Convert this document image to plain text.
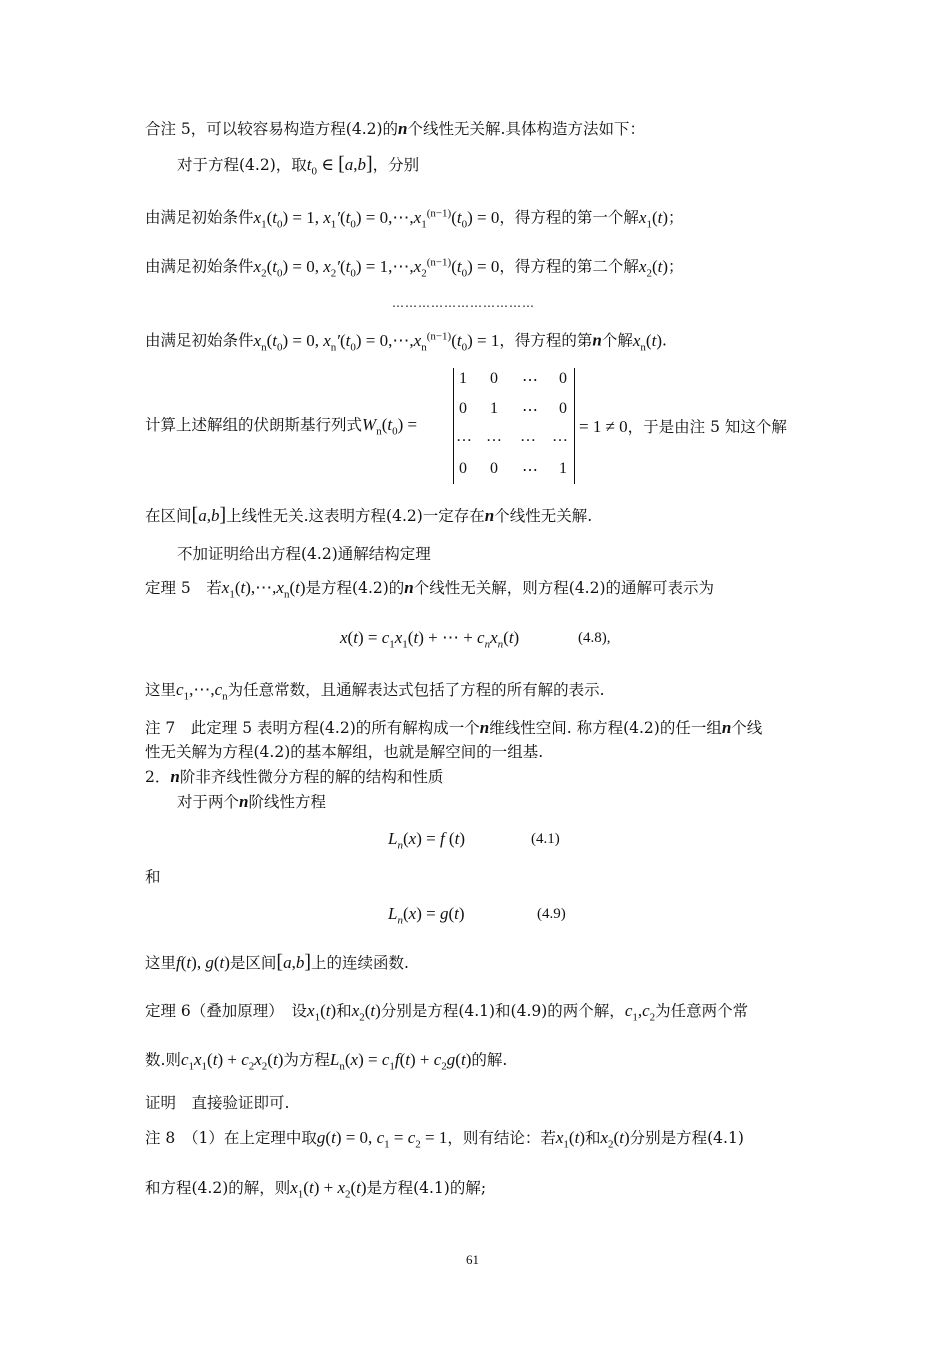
合注 5，可以较容易构造方程(4.2)的n个线性无关解.具体构造方法如下：
对于方程(4.2)，取$t_0$ ∈ [a,b]，分别
由满足初始条件$x_1(t_0) = 1$, $x_1'(t_0)$ = $0,\cdots,x_1^{(n-1)}(t_0) = 0$，得方程的第一个解$x_1(t)$；
由满足初始条件$x_2(t_0) = 0$, $x_2'(t_0)$ = $1,\cdots,x_2^{(n-1)}(t_0) = 0$，得方程的第二个解$x_2(t)$；
……………………………
由满足初始条件$x_n(t_0) = 0$, $x_n'(t_0)$ = $0,\cdots,x_n^{(n-1)}(t_0) = 1$，得方程的第n个解$x_n(t)$.
计算上述解组的伏朗斯基行列式$W_n(t_0)$ =
1 0 ⋯ 0
0 1 ⋯ 0
… … … …
0 0 ⋯ 1
= 1 ≠ 0，于是由注 5 知这个解
在区间[a,b]上线性无关.这表明方程(4.2)一定存在n个线性无关解.
不加证明给出方程(4.2)通解结构定理
定理 5　若$x_1(t),\cdots,x_n(t)$是方程(4.2)的n个线性无关解，则方程(4.2)的通解可表示为
$x(t) = c_1x_1(t)$ + ⋯ + $c_nx_n(t)$	(4.8),
这里$c_1,\cdots,c_n$为任意常数，且通解表达式包括了方程的所有解的表示.
注 7　此定理 5 表明方程(4.2)的所有解构成一个n维线性空间. 称方程(4.2)的任一组n个线
性无关解为方程(4.2)的基本解组，也就是解空间的一组基.
2．n阶非齐线性微分方程的解的结构和性质
对于两个n阶线性方程
$L_n(x) = f$ (t)	(4.1)
和
$L_n(x) = g(t)$	(4.9)
这里f(t), g(t)是区间[a,b]上的连续函数.
定理 6（叠加原理）　设$x_1(t)$和$x_2(t)$分别是方程(4.1)和(4.9)的两个解，$c_1,c_2$为任意两个常
数.则$c_1x_1(t) + c_2x_2(t)$为方程$L_n(x) = c_1f(t) + c_2g(t)$的解.
证明　直接验证即可.
注 8　（1）在上定理中取g(t) = 0, $c_1 = c_2 = 1$，则有结论：若$x_1(t)$和$x_2(t)$分别是方程(4.1)
和方程(4.2)的解，则$x_1(t) + x_2(t)$是方程(4.1)的解;
61
